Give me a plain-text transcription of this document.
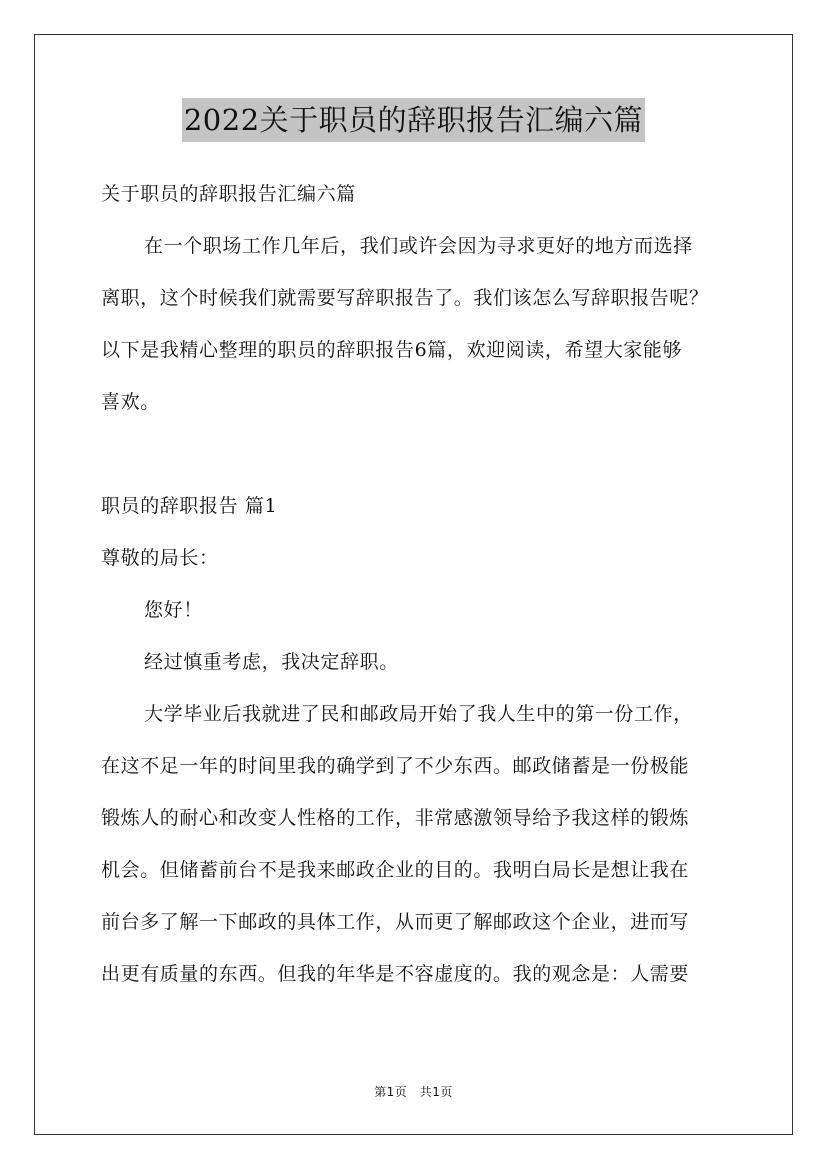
2022关于职员的辞职报告汇编六篇
关于职员的辞职报告汇编六篇
在一个职场工作几年后，我们或许会因为寻求更好的地方而选择
离职，这个时候我们就需要写辞职报告了。我们该怎么写辞职报告呢？
以下是我精心整理的职员的辞职报告6篇，欢迎阅读，希望大家能够
喜欢。
职员的辞职报告 篇1
尊敬的局长：
您好！
经过慎重考虑，我决定辞职。
大学毕业后我就进了民和邮政局开始了我人生中的第一份工作，
在这不足一年的时间里我的确学到了不少东西。邮政储蓄是一份极能
锻炼人的耐心和改变人性格的工作，非常感激领导给予我这样的锻炼
机会。但储蓄前台不是我来邮政企业的目的。我明白局长是想让我在
前台多了解一下邮政的具体工作，从而更了解邮政这个企业，进而写
出更有质量的东西。但我的年华是不容虚度的。我的观念是：人需要
第1页　共1页
